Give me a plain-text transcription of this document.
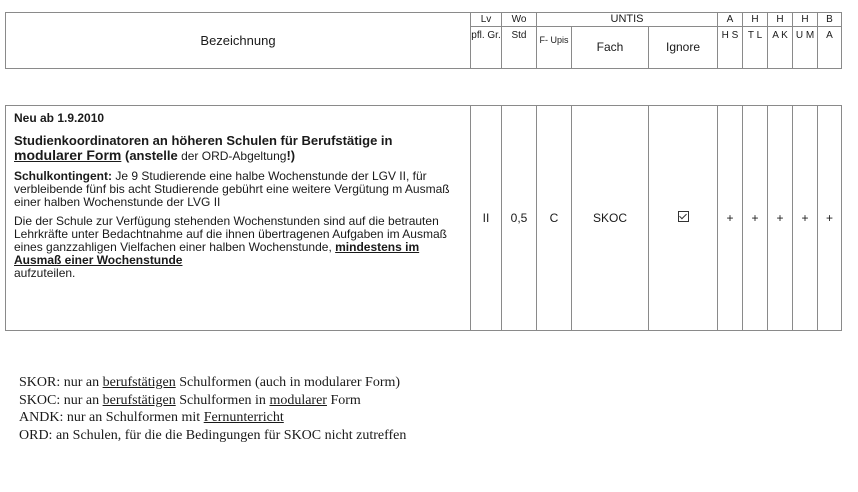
Bezeichnung	Lv	Wo	UNTIS			A	H	H	H	B
	pfl. Gr.	Std	F- Upis	Fach	Ignore	H S	T L	A K	U M	A
Neu ab 1.9.2010
Studienkoordinatoren an höheren Schulen für Berufstätige in
modularer Form (anstelle der ORD-Abgeltung!)
Schulkontingent: Je 9 Studierende eine halbe Wochenstunde der LGV II, für verbleibende fünf bis acht Studierende gebührt eine weitere Vergütung m Ausmaß einer halben Wochenstunde der LVG II
Die der Schule zur Verfügung stehenden Wochenstunden sind auf die betrauten Lehrkräfte unter Bedachtnahme auf die ihnen übertragenen Aufgaben im Ausmaß eines ganzzahligen Vielfachen einer halben Wochenstunde, mindestens im Ausmaß einer Wochenstunde
aufzuteilen.
	II	0,5	C	SKOC		+	+	+	+	+
SKOR: nur an berufstätigen Schulformen (auch in modularer Form)
SKOC: nur an berufstätigen Schulformen in modularer Form
ANDK: nur an Schulformen mit Fernunterricht
ORD: an Schulen, für die die Bedingungen für SKOC nicht zutreffen
